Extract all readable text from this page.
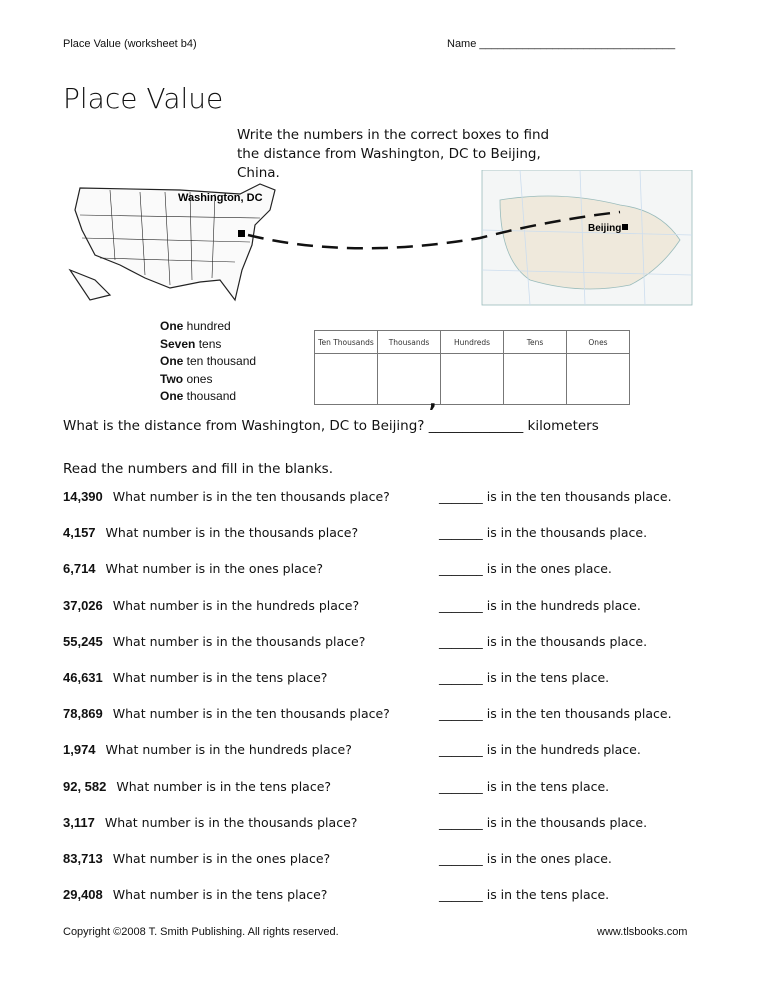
Place Value (worksheet b4)	Name ________________________________
Place Value
Write the numbers in the correct boxes to find the distance from Washington, DC to Beijing, China.
Washington, DC
Beijing
One hundred
Seven tens
One ten thousand
Two ones
One thousand
Ten Thousands	Thousands	Hundreds	Tens	Ones

,
What is the distance from Washington, DC to Beijing? ______________ kilometers
Read the numbers and fill in the blanks.
14,390 What number is in the ten thousands place?	_______ is in the ten thousands place.
4,157 What number is in the thousands place?	_______ is in the thousands place.
6,714 What number is in the ones place?	_______ is in the ones place.
37,026 What number is in the hundreds place?	_______ is in the hundreds place.
55,245 What number is in the thousands place?	_______ is in the thousands place.
46,631 What number is in the tens place?	_______ is in the tens place.
78,869 What number is in the ten thousands place?	_______ is in the ten thousands place.
1,974 What number is in the hundreds place?	_______ is in the hundreds place.
92, 582 What number is in the tens place?	_______ is in the tens place.
3,117 What number is in the thousands place?	_______ is in the thousands place.
83,713 What number is in the ones place?	_______ is in the ones place.
29,408 What number is in the tens place?	_______ is in the tens place.
Copyright ©2008 T. Smith Publishing. All rights reserved.	www.tlsbooks.com
